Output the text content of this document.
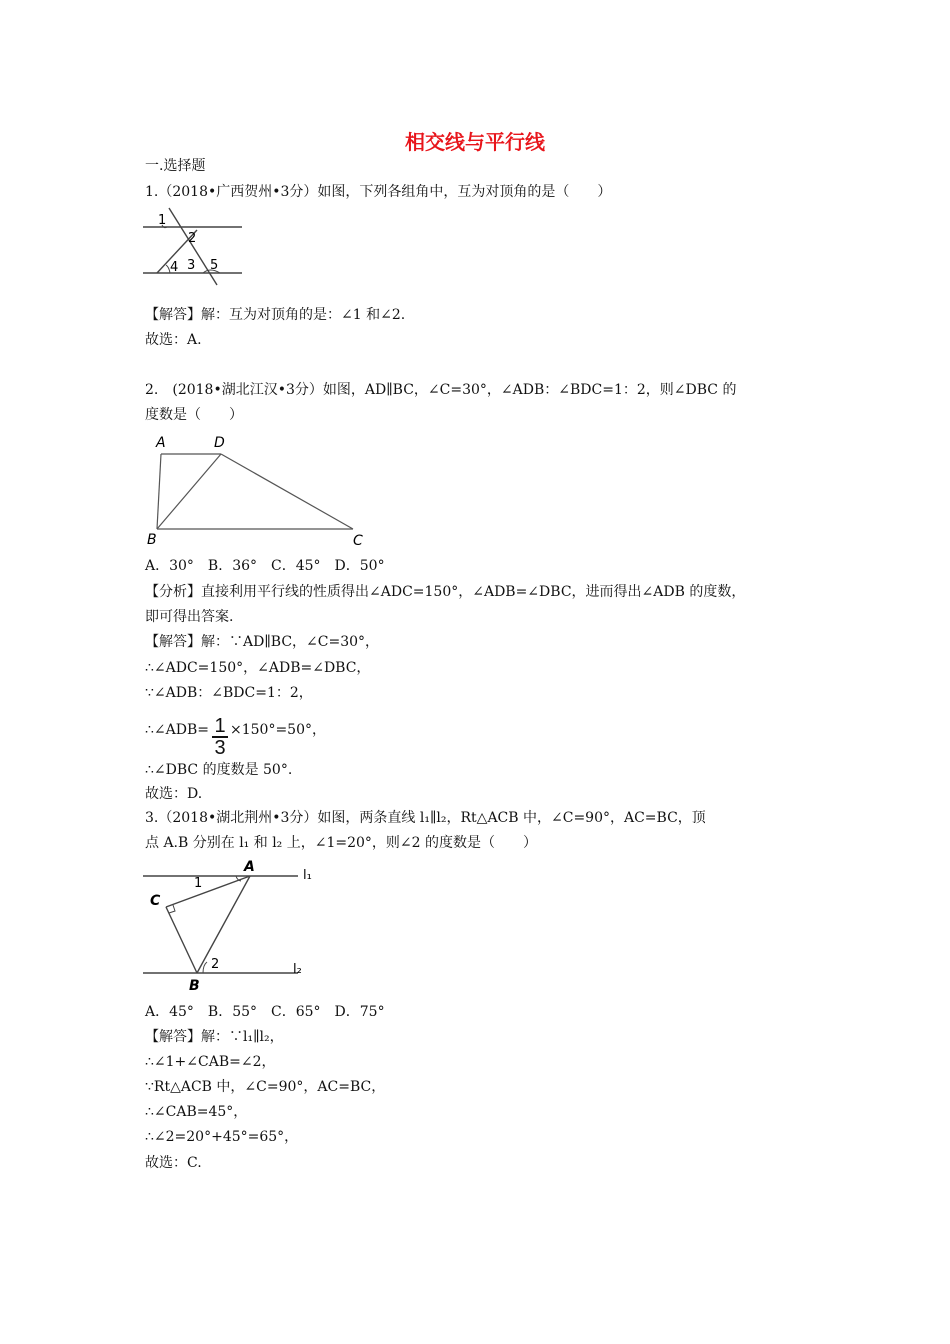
相交线与平行线
一.选择题
1.（2018•广西贺州•3分）如图，下列各组角中，互为对顶角的是（　　）
1
2
4 3 5
【解答】解：互为对顶角的是：∠1 和∠2.
故选：A.
2.　(2018•湖北江汉•3分）如图，AD∥BC，∠C=30°，∠ADB：∠BDC=1：2，则∠DBC 的
度数是（　　）
A	D
B	C
A．30°　B．36°　C．45°　D．50°
【分析】直接利用平行线的性质得出∠ADC=150°，∠ADB=∠DBC，进而得出∠ADB 的度数，
即可得出答案.
【解答】解：∵AD∥BC，∠C=30°，
∴∠ADC=150°，∠ADB=∠DBC，
∵∠ADB：∠BDC=1：2，
∴∠ADB= $\frac{1}{3} \times 150^\circ=50^\circ$，
∴∠DBC 的度数是 50°.
故选：D.
3.（2018•湖北荆州•3分）如图，两条直线 l₁∥l₂，Rt△ACB 中，∠C=90°，AC=BC，顶
点 A.B 分别在 l₁ 和 l₂ 上，∠1=20°，则∠2 的度数是（　　）
A
1
C
2
B
l₁
l₂
A．45°　B．55°　C．65°　D．75°
【解答】解：∵l₁∥l₂，
∴∠1+∠CAB=∠2，
∵Rt△ACB 中，∠C=90°，AC=BC，
∴∠CAB=45°，
∴∠2=20°+45°=65°，
故选：C.
